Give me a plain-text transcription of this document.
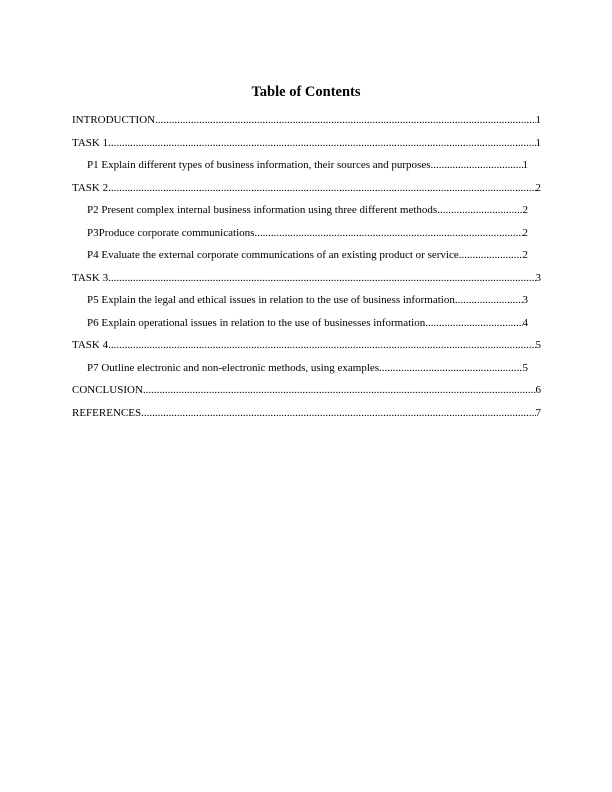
Table of Contents
INTRODUCTION .....	1
TASK 1 .....	1
P1 Explain different types of business information, their sources and purposes .....	1
TASK 2 .....	2
P2 Present complex internal business information using three different methods .....	2
P3Produce corporate communications .....	2
P4 Evaluate the external corporate communications of an existing product or service .....	2
TASK 3 .....	3
P5 Explain the legal and ethical issues in relation to the use of business information .....	3
P6 Explain operational issues in relation to the use of businesses information .....	4
TASK 4 .....	5
P7 Outline electronic and non-electronic methods, using examples .....	5
CONCLUSION .....	6
REFERENCES .....	7
